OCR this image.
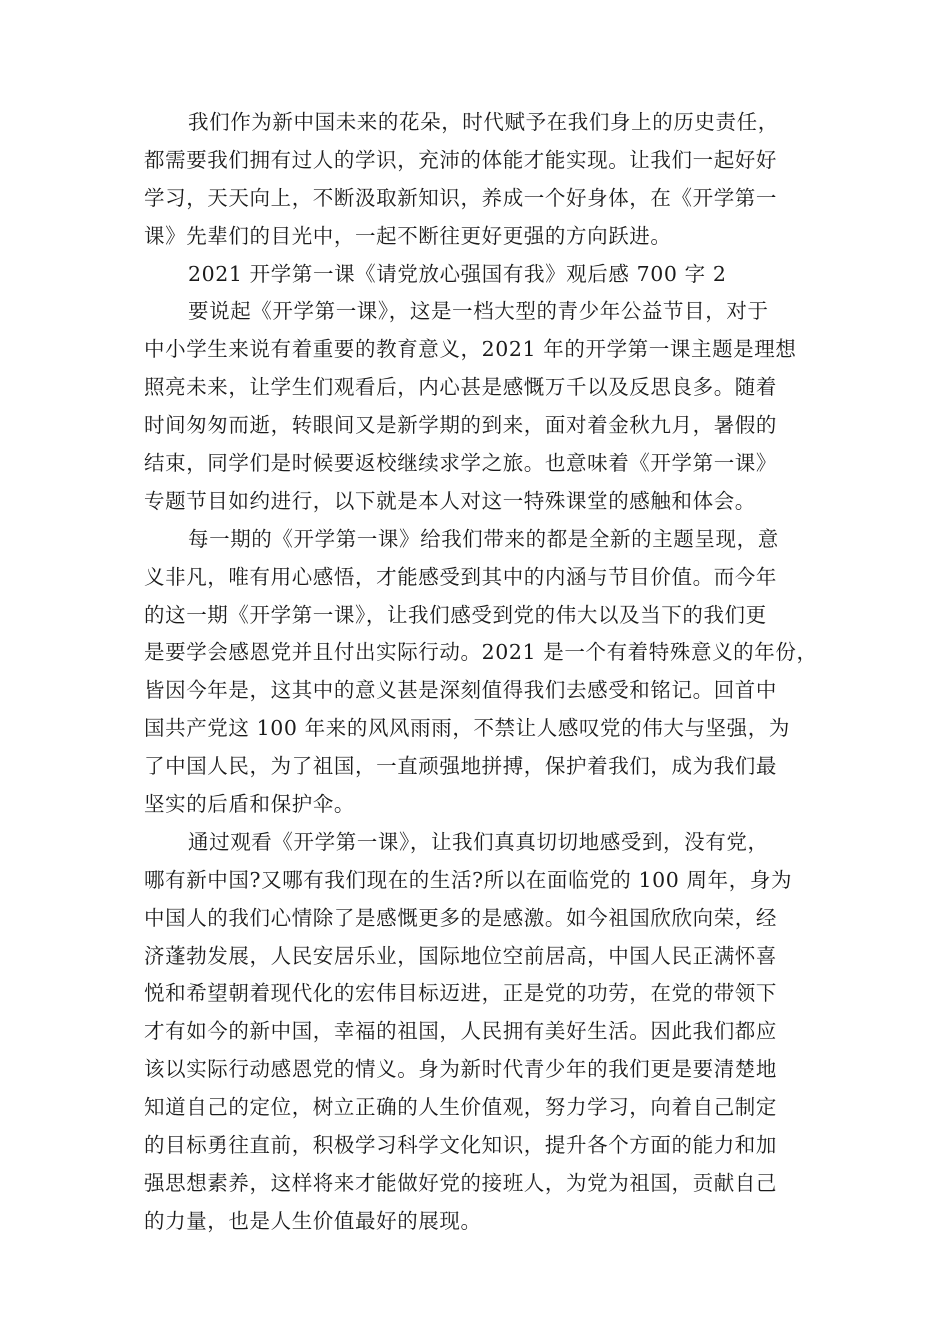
我们作为新中国未来的花朵，时代赋予在我们身上的历史责任，
都需要我们拥有过人的学识，充沛的体能才能实现。让我们一起好好
学习，天天向上，不断汲取新知识，养成一个好身体，在《开学第一
课》先辈们的目光中，一起不断往更好更强的方向跃进。
2021 开学第一课《请党放心强国有我》观后感 700 字 2
要说起《开学第一课》，这是一档大型的青少年公益节目，对于
中小学生来说有着重要的教育意义，2021 年的开学第一课主题是理想
照亮未来，让学生们观看后，内心甚是感慨万千以及反思良多。随着
时间匆匆而逝，转眼间又是新学期的到来，面对着金秋九月，暑假的
结束，同学们是时候要返校继续求学之旅。也意味着《开学第一课》
专题节目如约进行，以下就是本人对这一特殊课堂的感触和体会。
每一期的《开学第一课》给我们带来的都是全新的主题呈现，意
义非凡，唯有用心感悟，才能感受到其中的内涵与节目价值。而今年
的这一期《开学第一课》，让我们感受到党的伟大以及当下的我们更
是要学会感恩党并且付出实际行动。2021 是一个有着特殊意义的年份，
皆因今年是，这其中的意义甚是深刻值得我们去感受和铭记。回首中
国共产党这 100 年来的风风雨雨，不禁让人感叹党的伟大与坚强，为
了中国人民，为了祖国，一直顽强地拼搏，保护着我们，成为我们最
坚实的后盾和保护伞。
通过观看《开学第一课》，让我们真真切切地感受到，没有党，
哪有新中国?又哪有我们现在的生活?所以在面临党的 100 周年，身为
中国人的我们心情除了是感慨更多的是感激。如今祖国欣欣向荣，经
济蓬勃发展，人民安居乐业，国际地位空前居高，中国人民正满怀喜
悦和希望朝着现代化的宏伟目标迈进，正是党的功劳，在党的带领下
才有如今的新中国，幸福的祖国，人民拥有美好生活。因此我们都应
该以实际行动感恩党的情义。身为新时代青少年的我们更是要清楚地
知道自己的定位，树立正确的人生价值观，努力学习，向着自己制定
的目标勇往直前，积极学习科学文化知识，提升各个方面的能力和加
强思想素养，这样将来才能做好党的接班人，为党为祖国，贡献自己
的力量，也是人生价值最好的展现。
